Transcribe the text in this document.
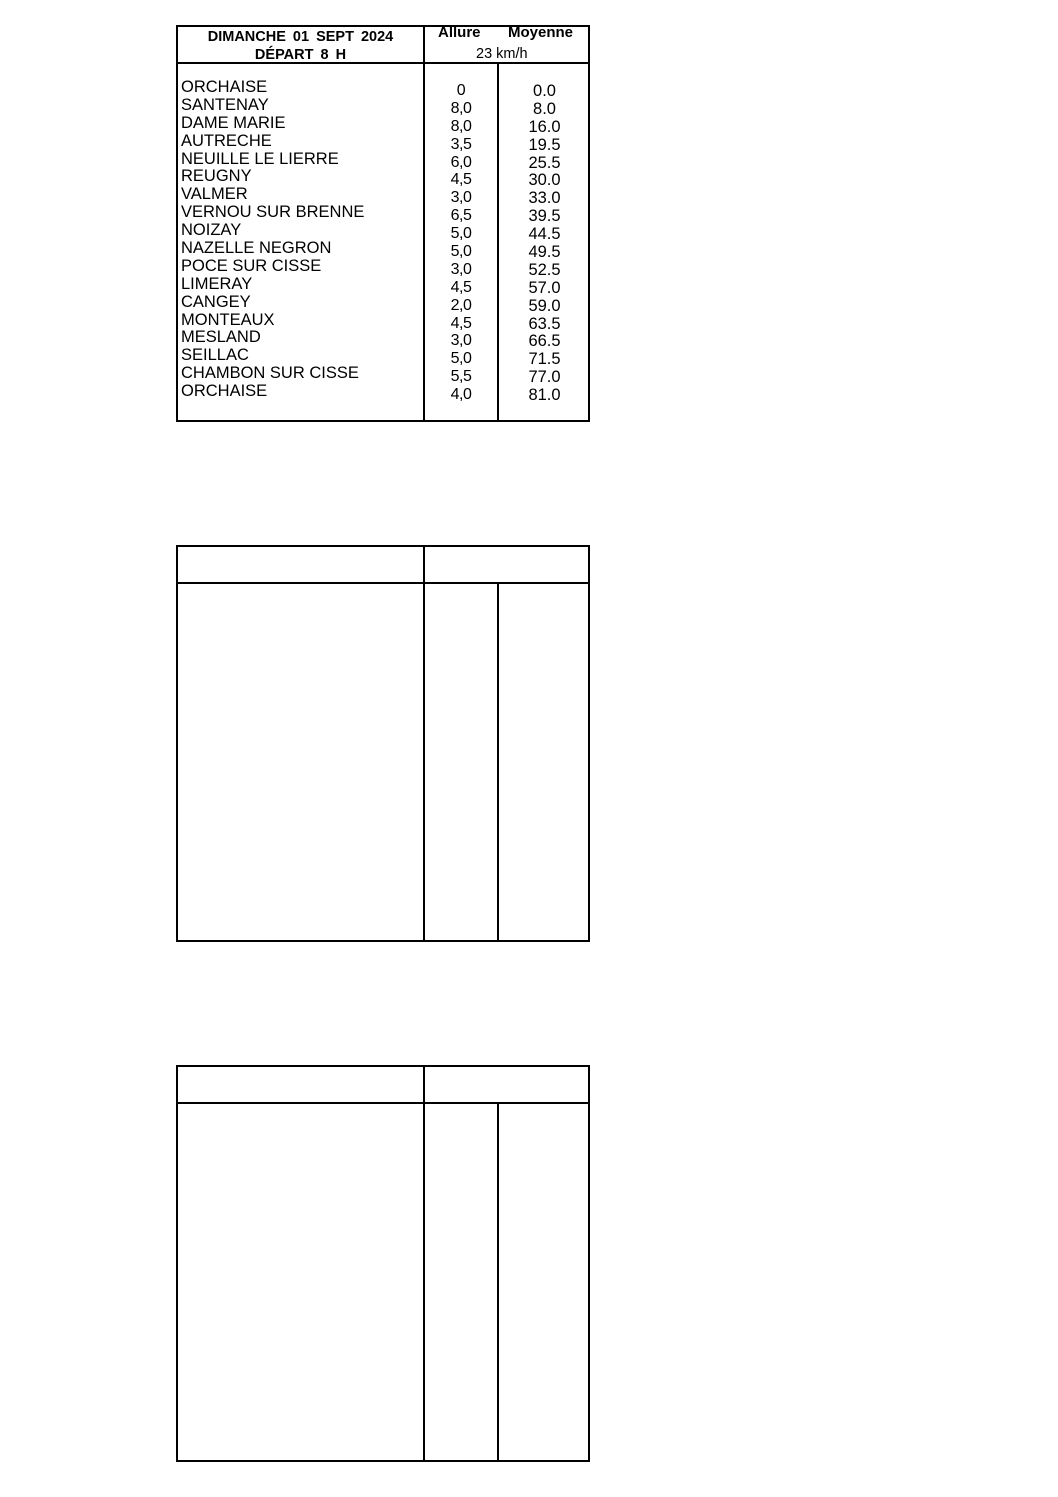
DIMANCHE 01 SEPT 2024
DÉPART 8 H
Allure Moyenne
23 km/h
ORCHAISE
SANTENAY
DAME MARIE
AUTRECHE
NEUILLE LE LIERRE
REUGNY
VALMER
VERNOU SUR BRENNE
NOIZAY
NAZELLE NEGRON
POCE SUR CISSE
LIMERAY
CANGEY
MONTEAUX
MESLAND
SEILLAC
CHAMBON SUR CISSE
ORCHAISE
0
8,0
8,0
3,5
6,0
4,5
3,0
6,5
5,0
5,0
3,0
4,5
2,0
4,5
3,0
5,0
5,5
4,0
0.0
8.0
16.0
19.5
25.5
30.0
33.0
39.5
44.5
49.5
52.5
57.0
59.0
63.5
66.5
71.5
77.0
81.0
